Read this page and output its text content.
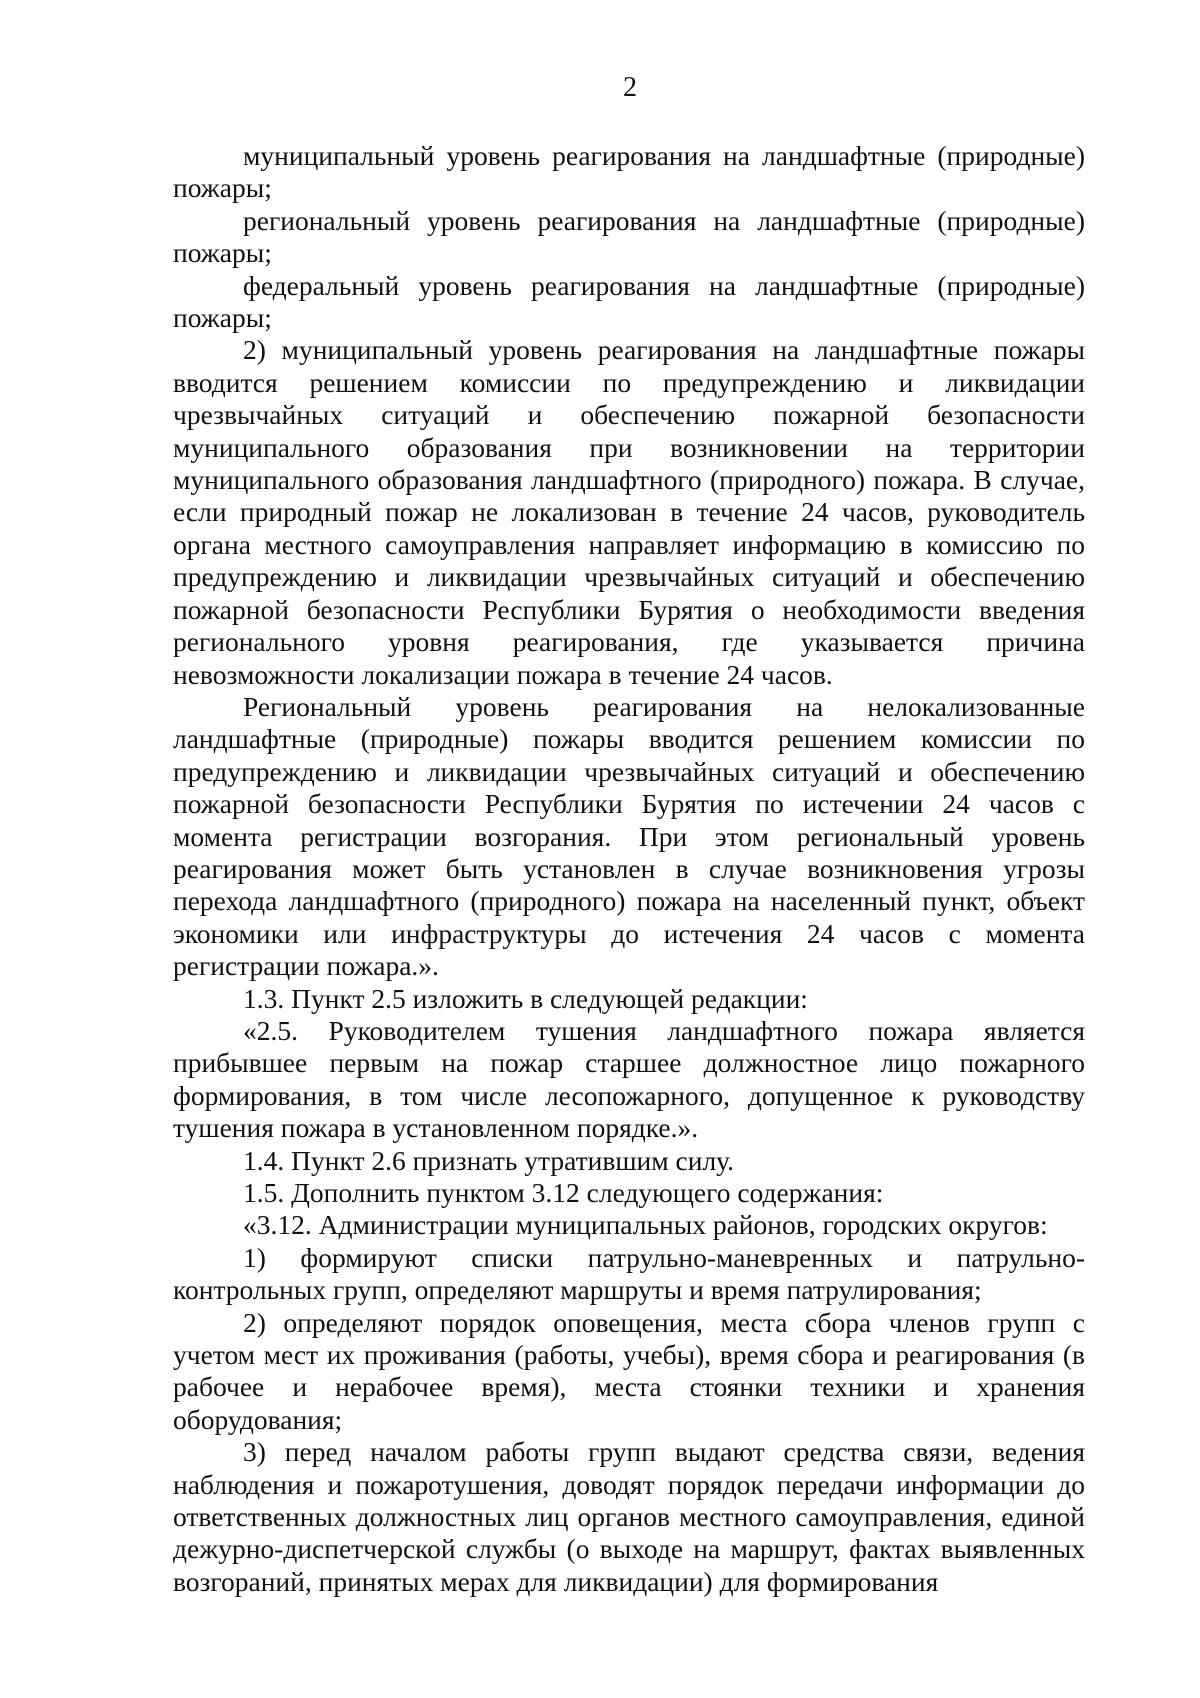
2

муниципальный уровень реагирования на ландшафтные (природные) пожары;

региональный уровень реагирования на ландшафтные (природные) пожары;

федеральный уровень реагирования на ландшафтные (природные) пожары;

2) муниципальный уровень реагирования на ландшафтные пожары вводится решением комиссии по предупреждению и ликвидации чрезвычайных ситуаций и обеспечению пожарной безопасности муниципального образования при возникновении на территории муниципального образования ландшафтного (природного) пожара. В случае, если природный пожар не локализован в течение 24 часов, руководитель органа местного самоуправления направляет информацию в комиссию по предупреждению и ликвидации чрезвычайных ситуаций и обеспечению пожарной безопасности Республики Бурятия о необходимости введения регионального уровня реагирования, где указывается причина невозможности локализации пожара в течение 24 часов.

Региональный уровень реагирования на нелокализованные ландшафтные (природные) пожары вводится решением комиссии по предупреждению и ликвидации чрезвычайных ситуаций и обеспечению пожарной безопасности Республики Бурятия по истечении 24 часов с момента регистрации возгорания. При этом региональный уровень реагирования может быть установлен в случае возникновения угрозы перехода ландшафтного (природного) пожара на населенный пункт, объект экономики или инфраструктуры до истечения 24 часов с момента регистрации пожара.».

1.3. Пункт 2.5 изложить в следующей редакции:

«2.5. Руководителем тушения ландшафтного пожара является прибывшее первым на пожар старшее должностное лицо пожарного формирования, в том числе лесопожарного, допущенное к руководству тушения пожара в установленном порядке.».

1.4. Пункт 2.6 признать утратившим силу.

1.5. Дополнить пунктом 3.12 следующего содержания:

«3.12. Администрации муниципальных районов, городских округов:

1) формируют списки патрульно-маневренных и патрульно-контрольных групп, определяют маршруты и время патрулирования;

2) определяют порядок оповещения, места сбора членов групп с учетом мест их проживания (работы, учебы), время сбора и реагирования (в рабочее и нерабочее время), места стоянки техники и хранения оборудования;

3) перед началом работы групп выдают средства связи, ведения наблюдения и пожаротушения, доводят порядок передачи информации до ответственных должностных лиц органов местного самоуправления, единой дежурно-диспетчерской службы (о выходе на маршрут, фактах выявленных возгораний, принятых мерах для ликвидации) для формирования
